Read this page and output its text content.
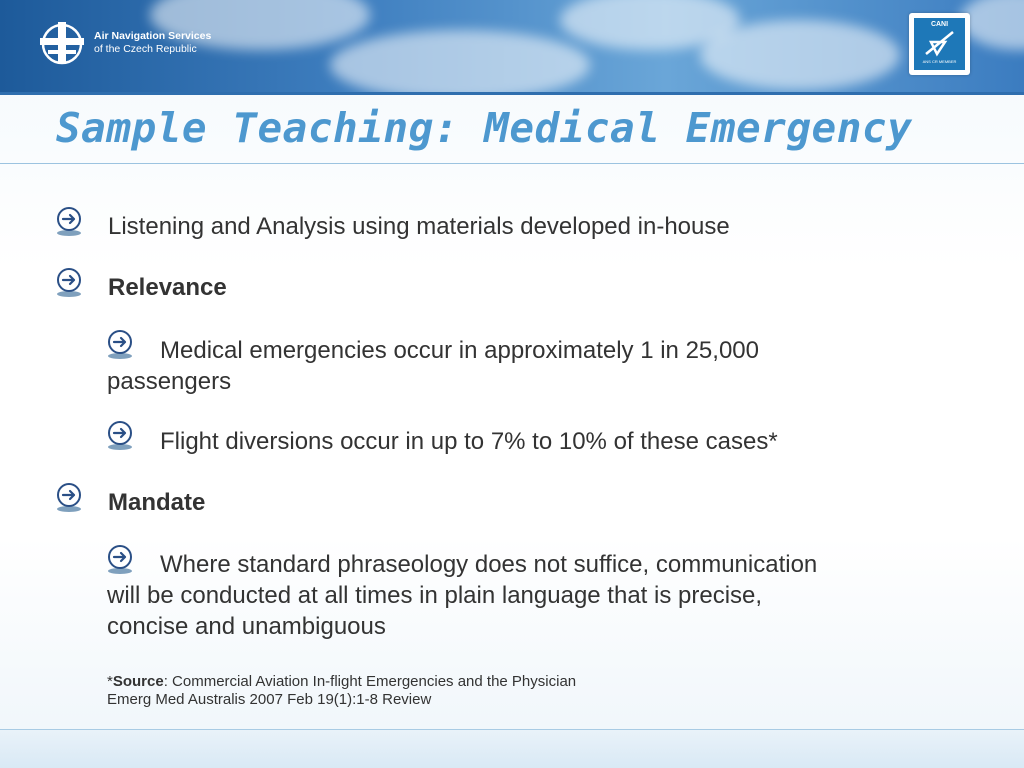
Air Navigation Services
of the Czech Republic
CANI
ANS CR MEMBER
Sample Teaching: Medical Emergency

Listening and Analysis using materials developed in-house

Relevance

Medical emergencies occur in approximately 1 in 25,000

passengers

Flight diversions occur in up to 7% to 10% of these cases*

Mandate

Where standard phraseology does not suffice, communication

will be conducted at all times in plain language that is precise,

concise and unambiguous

*Source: Commercial Aviation In-flight Emergencies and the Physician
Emerg Med Australis 2007 Feb 19(1):1-8 Review
